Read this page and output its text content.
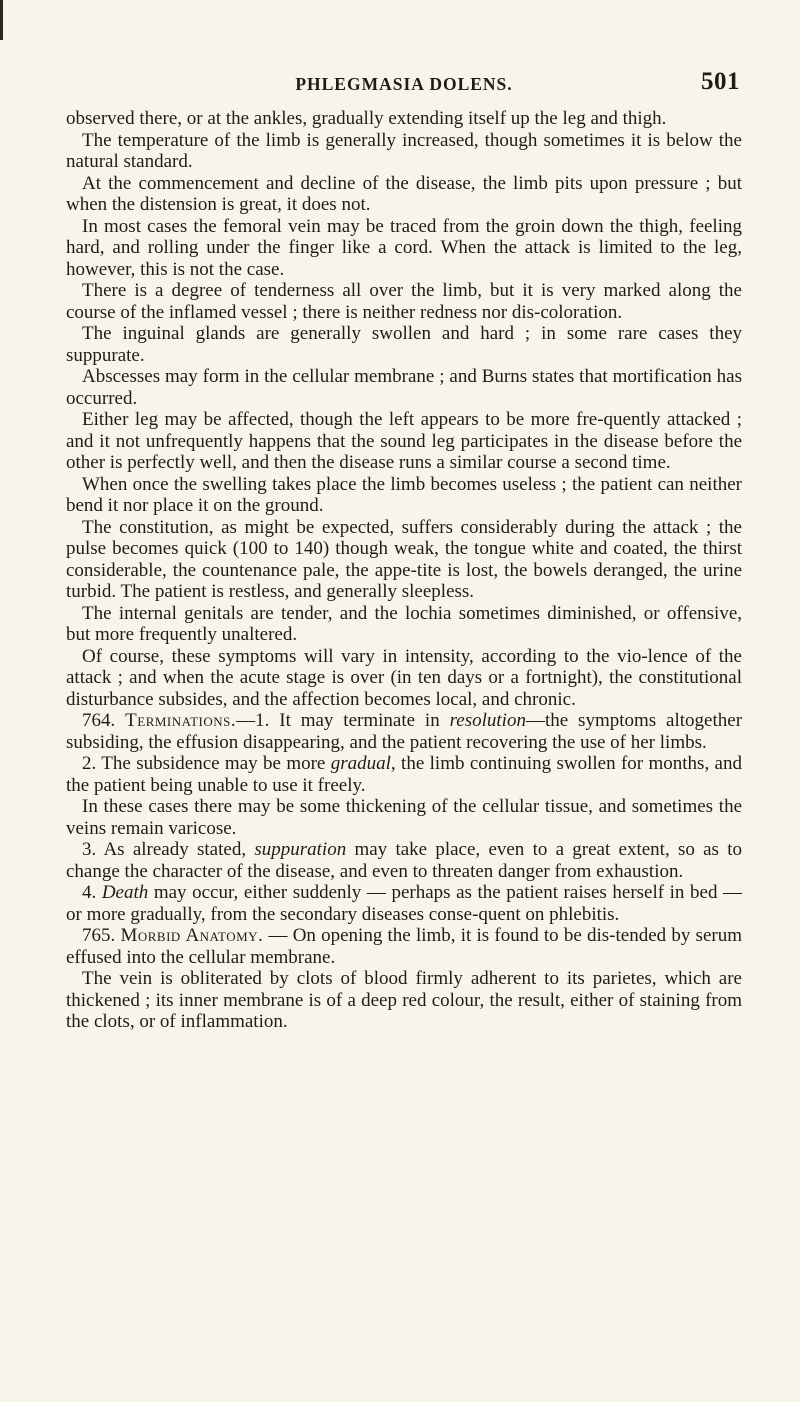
PHLEGMASIA DOLENS.	501

observed there, or at the ankles, gradually extending itself up the leg and thigh.

The temperature of the limb is generally increased, though sometimes it is below the natural standard.

At the commencement and decline of the disease, the limb pits upon pressure ; but when the distension is great, it does not.

In most cases the femoral vein may be traced from the groin down the thigh, feeling hard, and rolling under the finger like a cord. When the attack is limited to the leg, however, this is not the case.

There is a degree of tenderness all over the limb, but it is very marked along the course of the inflamed vessel ; there is neither redness nor dis-coloration.

The inguinal glands are generally swollen and hard ; in some rare cases they suppurate.

Abscesses may form in the cellular membrane ; and Burns states that mortification has occurred.

Either leg may be affected, though the left appears to be more fre-quently attacked ; and it not unfrequently happens that the sound leg participates in the disease before the other is perfectly well, and then the disease runs a similar course a second time.

When once the swelling takes place the limb becomes useless ; the patient can neither bend it nor place it on the ground.

The constitution, as might be expected, suffers considerably during the attack ; the pulse becomes quick (100 to 140) though weak, the tongue white and coated, the thirst considerable, the countenance pale, the appe-tite is lost, the bowels deranged, the urine turbid. The patient is restless, and generally sleepless.

The internal genitals are tender, and the lochia sometimes diminished, or offensive, but more frequently unaltered.

Of course, these symptoms will vary in intensity, according to the vio-lence of the attack ; and when the acute stage is over (in ten days or a fortnight), the constitutional disturbance subsides, and the affection becomes local, and chronic.

764. Terminations.—1. It may terminate in resolution—the symptoms altogether subsiding, the effusion disappearing, and the patient recovering the use of her limbs.

2. The subsidence may be more gradual, the limb continuing swollen for months, and the patient being unable to use it freely.

In these cases there may be some thickening of the cellular tissue, and sometimes the veins remain varicose.

3. As already stated, suppuration may take place, even to a great extent, so as to change the character of the disease, and even to threaten danger from exhaustion.

4. Death may occur, either suddenly — perhaps as the patient raises herself in bed — or more gradually, from the secondary diseases conse-quent on phlebitis.

765. Morbid Anatomy. — On opening the limb, it is found to be dis-tended by serum effused into the cellular membrane.

The vein is obliterated by clots of blood firmly adherent to its parietes, which are thickened ; its inner membrane is of a deep red colour, the result, either of staining from the clots, or of inflammation.
